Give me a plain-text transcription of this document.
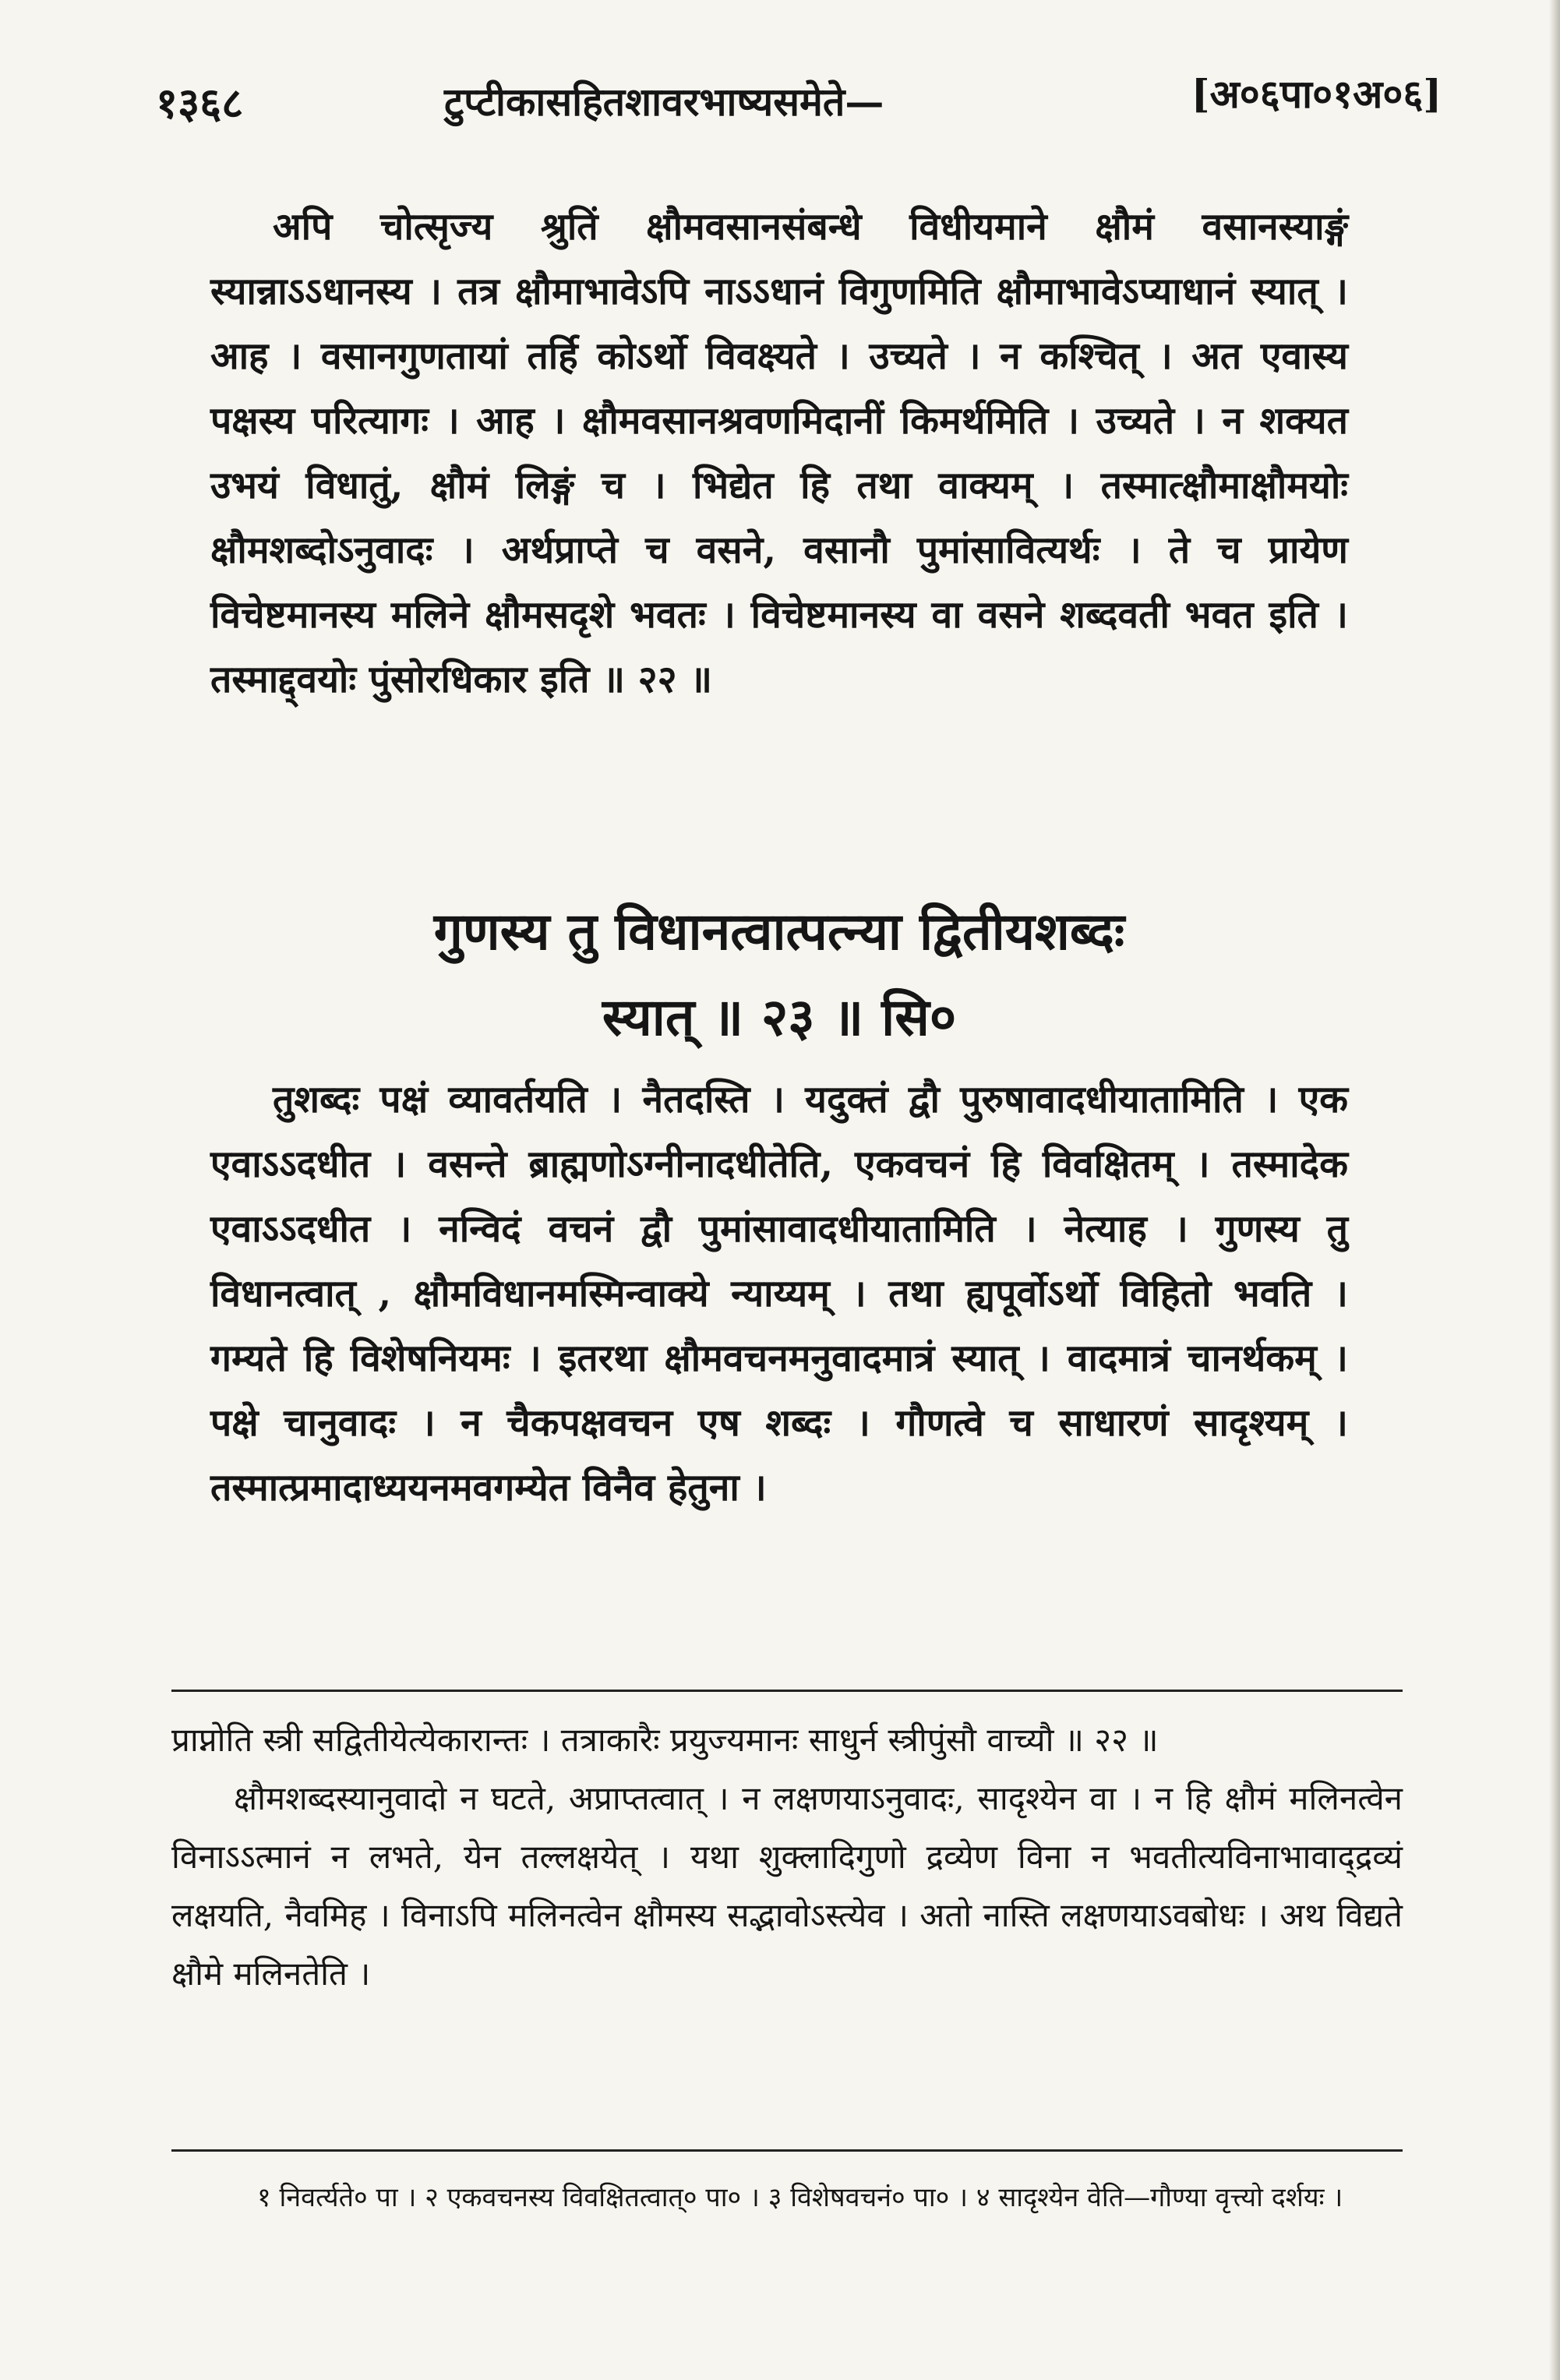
१३६८	टुप्टीकासहितशावरभाष्यसमेते—	[अ०६पा०१अ०६]

अपि चोत्सृज्य श्रुतिं क्षौमवसानसंबन्धे विधीयमाने क्षौमं वसानस्याङ्गं स्यान्नाऽऽधानस्य । तत्र क्षौमाभावेऽपि नाऽऽधानं विगुणमिति क्षौमाभावेऽप्याधानं स्यात् । आह । वसानगुणतायां तर्हि कोऽर्थो विवक्ष्यते । उच्यते । न कश्चित् । अत एवास्य पक्षस्य परित्यागः । आह । क्षौमवसानश्रवणमिदानीं किमर्थमिति । उच्यते । न शक्यत उभयं विधातुं, क्षौमं लिङ्गं च । भिद्येत हि तथा वाक्यम् । तस्मात्क्षौमाक्षौमयोः क्षौमशब्दोऽनुवादः । अर्थप्राप्ते च वसने, वसानौ पुमांसावित्यर्थः । ते च प्रायेण विचेष्टमानस्य मलिने क्षौमसदृशे भवतः । विचेष्टमानस्य वा वसने शब्दवती भवत इति । तस्माद्द्वयोः पुंसोरधिकार इति ॥ २२ ॥

गुणस्य तु विधानत्वात्पत्न्या द्वितीयशब्दः
स्यात् ॥ २३ ॥ सि०

तुशब्दः पक्षं व्यावर्तयति । नैतदस्ति । यदुक्तं द्वौ पुरुषावादधीयातामिति । एक एवाऽऽदधीत । वसन्ते ब्राह्मणोऽग्नीनादधीतेति, एकवचनं हि विवक्षितम् । तस्मादेक एवाऽऽदधीत । नन्विदं वचनं द्वौ पुमांसावादधीयातामिति । नेत्याह । गुणस्य तु विधानत्वात् , क्षौमविधानमस्मिन्वाक्ये न्याय्यम् । तथा ह्यपूर्वोऽर्थो विहितो भवति । गम्यते हि विशेषनियमः । इतरथा क्षौमवचनमनुवादमात्रं स्यात् । वादमात्रं चानर्थकम् । पक्षे चानुवादः । न चैकपक्षवचन एष शब्दः । गौणत्वे च साधारणं सादृश्यम् । तस्मात्प्रमादाध्ययनमवगम्येत विनैव हेतुना ।

प्राप्नोति स्त्री सद्वितीयेत्येकारान्तः । तत्राकारैः प्रयुज्यमानः साधुर्न स्त्रीपुंसौ वाच्यौ ॥ २२ ॥

क्षौमशब्दस्यानुवादो न घटते, अप्राप्तत्वात् । न लक्षणयाऽनुवादः, सादृश्येन वा । न हि क्षौमं मलिनत्वेन विनाऽऽत्मानं न लभते, येन तल्लक्षयेत् । यथा शुक्लादिगुणो द्रव्येण विना न भवतीत्यविनाभावाद्द्रव्यं लक्षयति, नैवमिह । विनाऽपि मलिनत्वेन क्षौमस्य सद्भावोऽस्त्येव । अतो नास्ति लक्षणयाऽवबोधः । अथ विद्यते क्षौमे मलिनतेति ।

१ निवर्त्यते० पा । २ एकवचनस्य विवक्षितत्वात्० पा० । ३ विशेषवचनं० पा० । ४ सादृश्येन वेति—गौण्या वृत्त्यो दर्शयः ।
